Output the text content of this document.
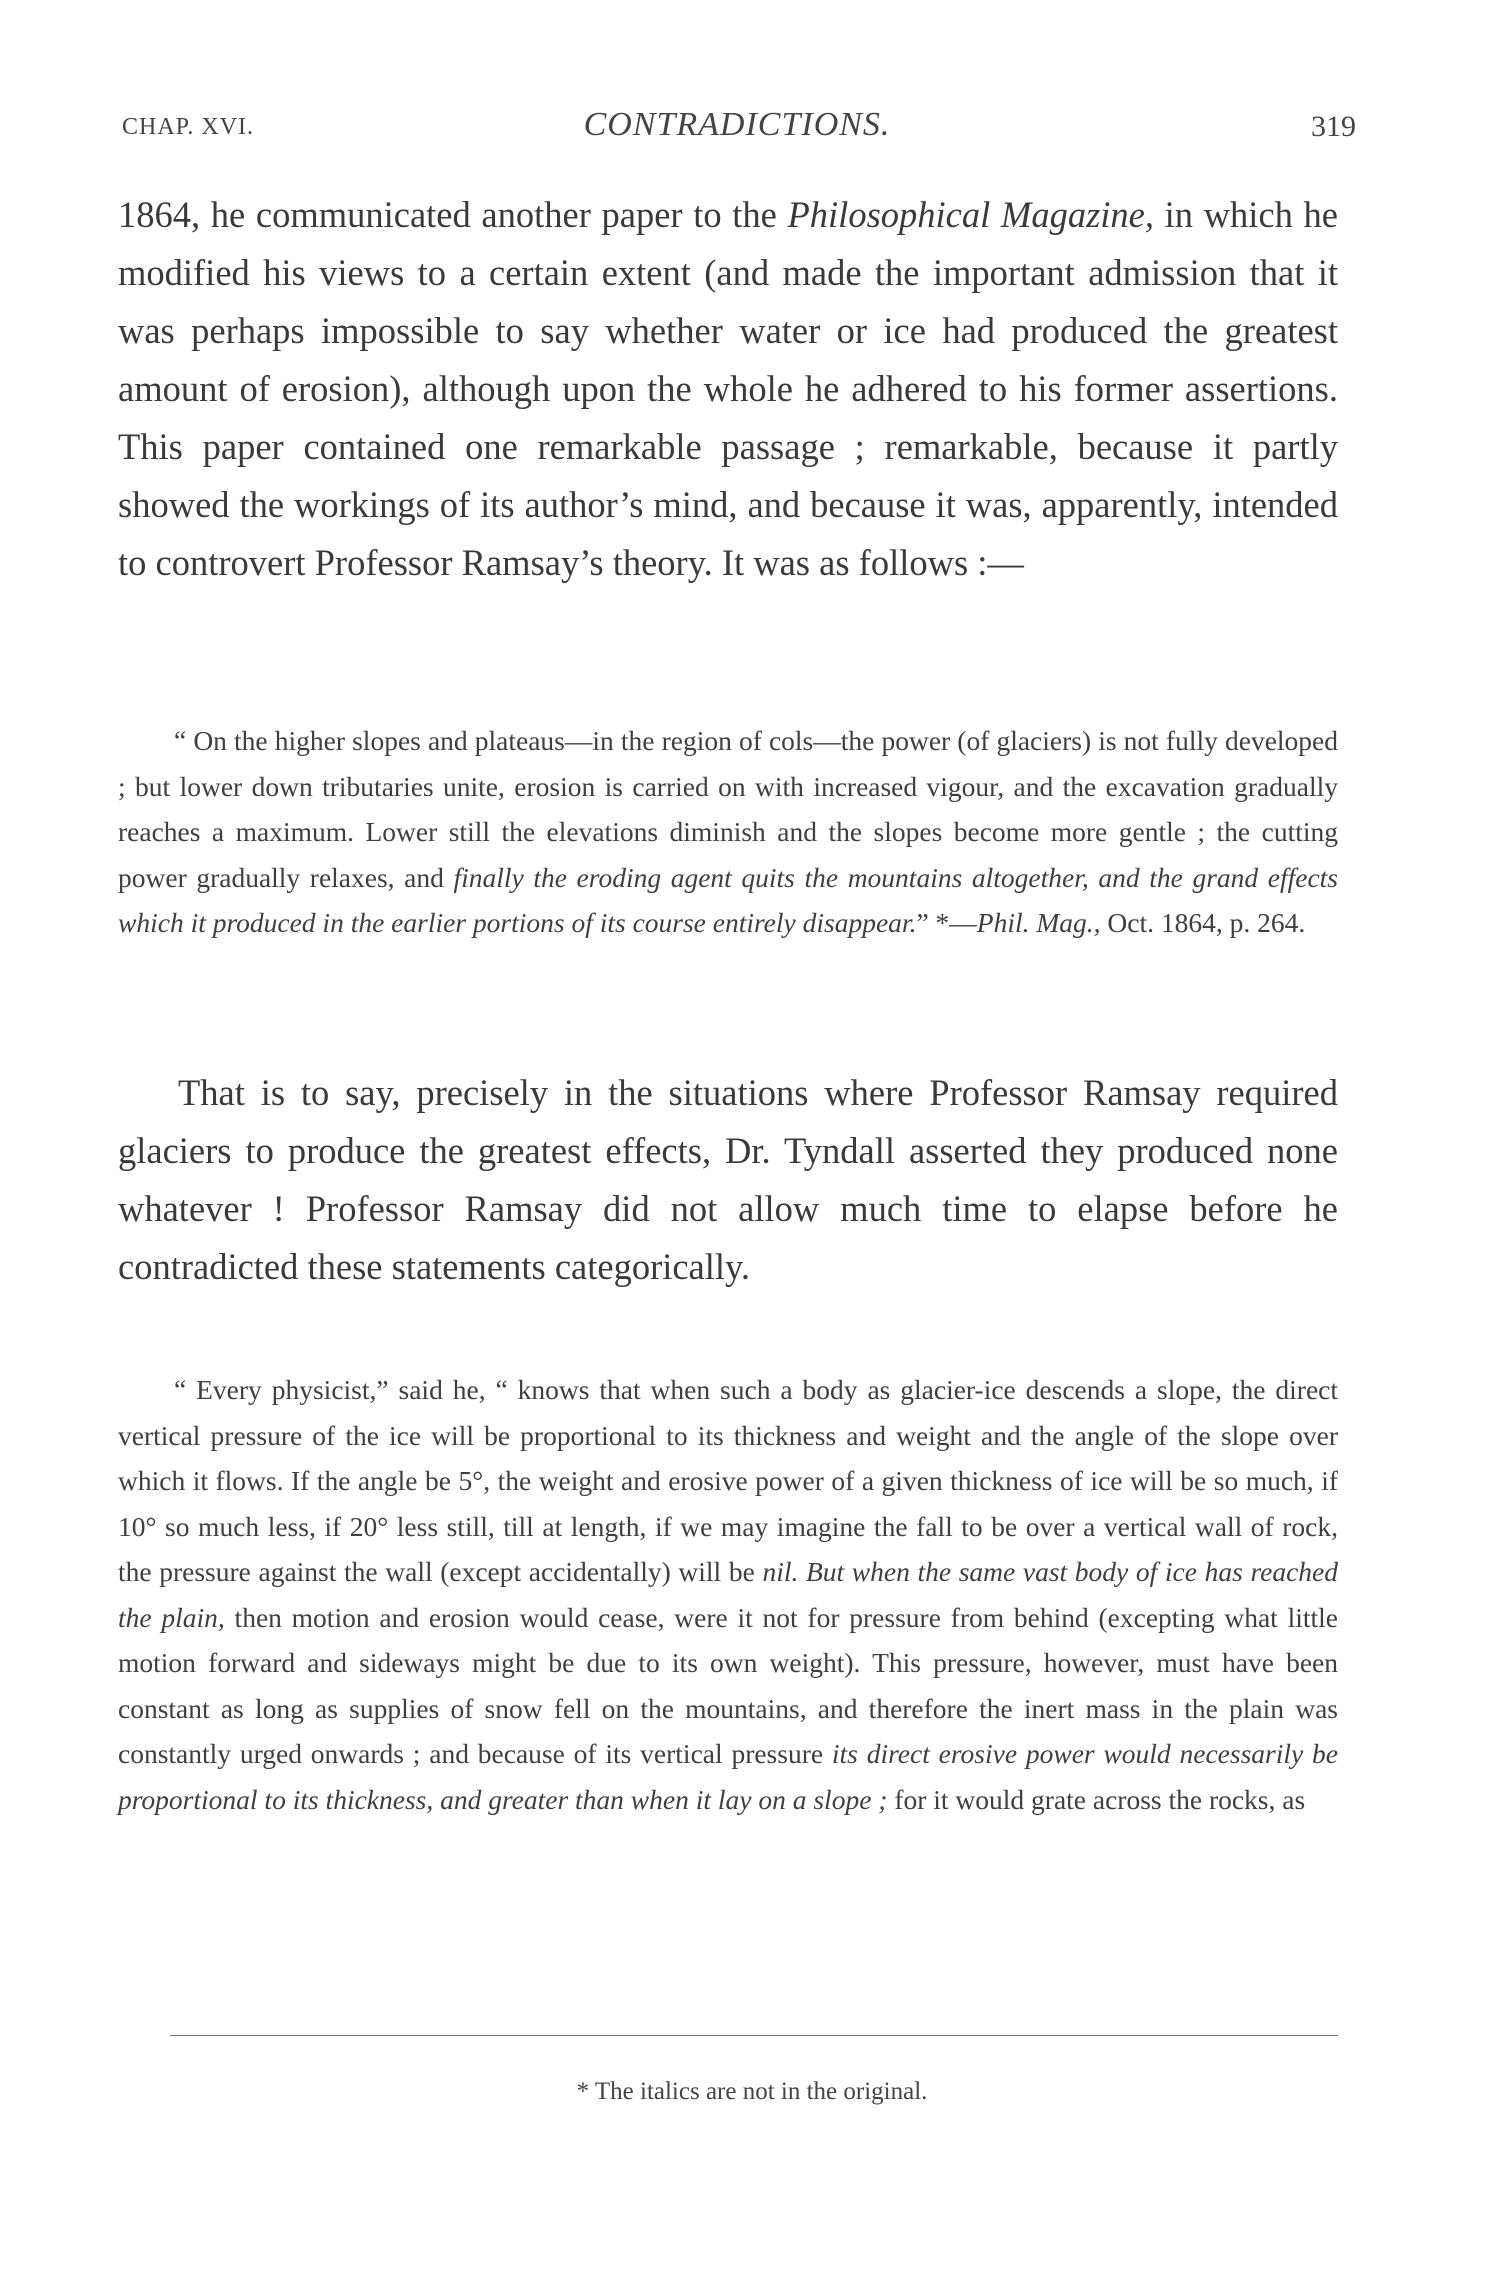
CHAP. XVI.	CONTRADICTIONS.	319

1864, he communicated another paper to the Philosophical Magazine, in which he modified his views to a certain extent (and made the important admission that it was perhaps impossible to say whether water or ice had produced the greatest amount of erosion), although upon the whole he adhered to his former assertions. This paper contained one remarkable passage ; remarkable, because it partly showed the workings of its author’s mind, and because it was, apparently, intended to controvert Professor Ramsay’s theory. It was as follows :—

“ On the higher slopes and plateaus—in the region of cols—the power (of glaciers) is not fully developed ; but lower down tributaries unite, erosion is carried on with increased vigour, and the excavation gradually reaches a maximum. Lower still the elevations diminish and the slopes become more gentle ; the cutting power gradually relaxes, and finally the eroding agent quits the mountains altogether, and the grand effects which it produced in the earlier portions of its course entirely disappear.” *—Phil. Mag., Oct. 1864, p. 264.

That is to say, precisely in the situations where Professor Ramsay required glaciers to produce the greatest effects, Dr. Tyndall asserted they produced none whatever ! Professor Ramsay did not allow much time to elapse before he contradicted these statements categorically.

“ Every physicist,” said he, “ knows that when such a body as glacier-ice descends a slope, the direct vertical pressure of the ice will be proportional to its thickness and weight and the angle of the slope over which it flows. If the angle be 5°, the weight and erosive power of a given thickness of ice will be so much, if 10° so much less, if 20° less still, till at length, if we may imagine the fall to be over a vertical wall of rock, the pressure against the wall (except accidentally) will be nil. But when the same vast body of ice has reached the plain, then motion and erosion would cease, were it not for pressure from behind (excepting what little motion forward and sideways might be due to its own weight). This pressure, however, must have been constant as long as supplies of snow fell on the mountains, and therefore the inert mass in the plain was constantly urged onwards ; and because of its vertical pressure its direct erosive power would necessarily be proportional to its thickness, and greater than when it lay on a slope ; for it would grate across the rocks, as

* The italics are not in the original.
